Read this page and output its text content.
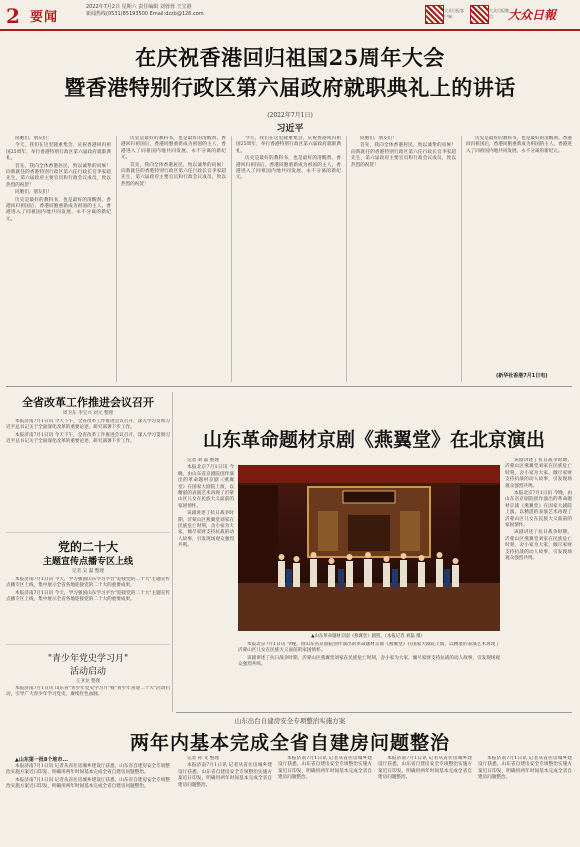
2 要闻
2022年7月2日 星期六 责任编辑 刘蓉蓉 王宝港
新闻热线(0531)85193500 Email:dzzb@126.com
大众日报客户端
大众日报微信	大众日報
在庆祝香港回归祖国25周年大会
暨香港特别行政区第六届政府就职典礼上的讲话
(2022年7月1日)
习近平

同胞们，朋友们：

今天，我们在这里隆重集会，庆祝香港回归祖国25周年，举行香港特别行政区第六届政府就职典礼。

首先，我向全体香港居民，致以诚挚的问候！向新就任的香港特别行政区第六任行政长官李家超先生，第六届政府主要官员和行政会议成员，致以热烈的祝贺！

同胞们、朋友们！

历史是最好的教科书，也是最好的清醒剂。香港回归祖国后，香港同胞重新成为祖国的主人，香港进入了同祖国内地共同发展、永不分离的新纪元。

历史是最好的教科书，也是最好的清醒剂。香港回归祖国后，香港同胞重新成为祖国的主人，香港进入了同祖国内地共同发展、永不分离的新纪元。

首先，我向全体香港居民，致以诚挚的问候！向新就任的香港特别行政区第六任行政长官李家超先生，第六届政府主要官员和行政会议成员，致以热烈的祝贺！

今天，我们在这里隆重集会，庆祝香港回归祖国25周年，举行香港特别行政区第六届政府就职典礼。

历史是最好的教科书，也是最好的清醒剂。香港回归祖国后，香港同胞重新成为祖国的主人，香港进入了同祖国内地共同发展、永不分离的新纪元。

同胞们、朋友们！

首先，我向全体香港居民，致以诚挚的问候！向新就任的香港特别行政区第六任行政长官李家超先生，第六届政府主要官员和行政会议成员，致以热烈的祝贺！

历史是最好的教科书，也是最好的清醒剂。香港回归祖国后，香港同胞重新成为祖国的主人，香港进入了同祖国内地共同发展、永不分离的新纪元。

(新华社香港7月1日电)
全省改革工作推进会议召开
周卫东 李宝兴 刘元 整理

本报济南7月1日讯 今天下午，全省改革工作推进会议召开，深入学习贯彻习近平总书记关于全面深化改革的重要论述，研究部署下步工作。

本报济南7月1日讯 今天下午，全省改革工作推进会议召开，深入学习贯彻习近平总书记关于全面深化改革的重要论述，研究部署下步工作。

党的二十大
主题宣传点播专区上线
记者 吴 磊 整理

本报济南7月1日讯 今天，学习强国山东学习平台"迎接党的二十大"主题宣传点播专区上线，集中展示全省各地迎接党的二十大的重要成果。

本报济南7月1日讯 今天，学习强国山东学习平台"迎接党的二十大"主题宣传点播专区上线，集中展示全省各地迎接党的二十大的重要成果。

"青少年党史学习月"
活动启动
王亚龙 整理

本报济南7月1日讯 山东省"青少年党史学习月"暨"青少年喜迎二十大"活动启动，引导广大青少年学习党史、赓续红色血脉。

山东革命题材京剧《燕翼堂》在北京演出

记者 刘 磊 整理

本报北京7月1日讯 今晚，由山东省京剧院创作演出的革命题材京剧《燕翼堂》在国家大剧院上演，以精湛的表演艺术再现了沂蒙山区儿女在民族大义面前的家国情怀。

该剧讲述了抗日战争时期，沂蒙山区燕翼堂刘家在民族危亡时刻，舍小家为大家，倾尽家财支持抗战的动人故事，引发现场观众强烈共鸣。

▲山东革命题材京剧《燕翼堂》剧照。（本报记者 刘磊 摄）

该剧讲述了抗日战争时期，沂蒙山区燕翼堂刘家在民族危亡时刻，舍小家为大家，倾尽家财支持抗战的动人故事，引发现场观众强烈共鸣。

本报北京7月1日讯 今晚，由山东省京剧院创作演出的革命题材京剧《燕翼堂》在国家大剧院上演，以精湛的表演艺术再现了沂蒙山区儿女在民族大义面前的家国情怀。

该剧讲述了抗日战争时期，沂蒙山区燕翼堂刘家在民族危亡时刻，舍小家为大家，倾尽家财支持抗战的动人故事，引发现场观众强烈共鸣。

本报北京7月1日讯 今晚，由山东省京剧院创作演出的革命题材京剧《燕翼堂》在国家大剧院上演，以精湛的表演艺术再现了沂蒙山区儿女在民族大义面前的家国情怀。

该剧讲述了抗日战争时期，沂蒙山区燕翼堂刘家在民族危亡时刻，舍小家为大家，倾尽家财支持抗战的动人故事，引发现场观众强烈共鸣。

山东出台自建房安全专项整治实施方案
两年内基本完成全省自建房问题整治

▲山东第一批8个地市...

本报济南7月1日讯 记者从省住房城乡建设厅获悉，山东省自建房安全专项整治实施方案近日印发，明确用两年时间基本完成全省自建房问题整治。

本报济南7月1日讯 记者从省住房城乡建设厅获悉，山东省自建房安全专项整治实施方案近日印发，明确用两年时间基本完成全省自建房问题整治。

记者 孙 文 整理

本报济南7月1日讯 记者从省住房城乡建设厅获悉，山东省自建房安全专项整治实施方案近日印发，明确用两年时间基本完成全省自建房问题整治。

本报济南7月1日讯 记者从省住房城乡建设厅获悉，山东省自建房安全专项整治实施方案近日印发，明确用两年时间基本完成全省自建房问题整治。

本报济南7月1日讯 记者从省住房城乡建设厅获悉，山东省自建房安全专项整治实施方案近日印发，明确用两年时间基本完成全省自建房问题整治。

本报济南7月1日讯 记者从省住房城乡建设厅获悉，山东省自建房安全专项整治实施方案近日印发，明确用两年时间基本完成全省自建房问题整治。
